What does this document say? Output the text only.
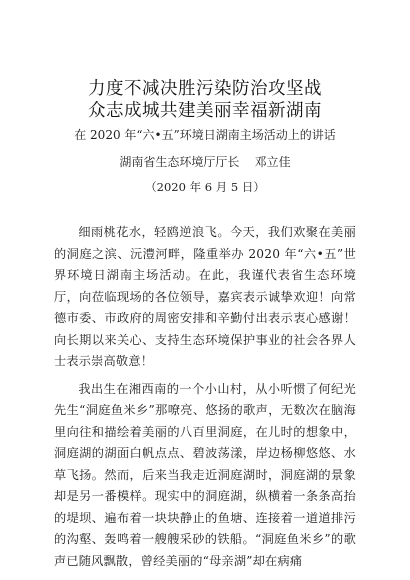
力度不减决胜污染防治攻坚战
众志成城共建美丽幸福新湖南

在 2020 年“六•五”环境日湖南主场活动上的讲话

湖南省生态环境厅厅长    邓立佳

（2020 年 6 月 5 日）

细雨桃花水，轻鸥逆浪飞。今天，我们欢聚在美丽的洞庭之滨、沅澧河畔，隆重举办 2020 年“六•五”世界环境日湖南主场活动。在此，我谨代表省生态环境厅，向莅临现场的各位领导，嘉宾表示诚挚欢迎！向常德市委、市政府的周密安排和辛勤付出表示衷心感谢！向长期以来关心、支持生态环境保护事业的社会各界人士表示崇高敬意！

我出生在湘西南的一个小山村，从小听惯了何纪光先生“洞庭鱼米乡”那嘹亮、悠扬的歌声，无数次在脑海里向往和描绘着美丽的八百里洞庭，在儿时的想象中，洞庭湖的湖面白帆点点、碧波荡漾，岸边杨柳悠悠、水草飞扬。然而，后来当我走近洞庭湖时，洞庭湖的景象却是另一番模样。现实中的洞庭湖，纵横着一条条高抬的堤坝、遍布着一块块静止的鱼塘、连接着一道道排污的沟壑、轰鸣着一艘艘采砂的铁船。“洞庭鱼米乡”的歌声已随风飘散，曾经美丽的“母亲湖”却在病痛
